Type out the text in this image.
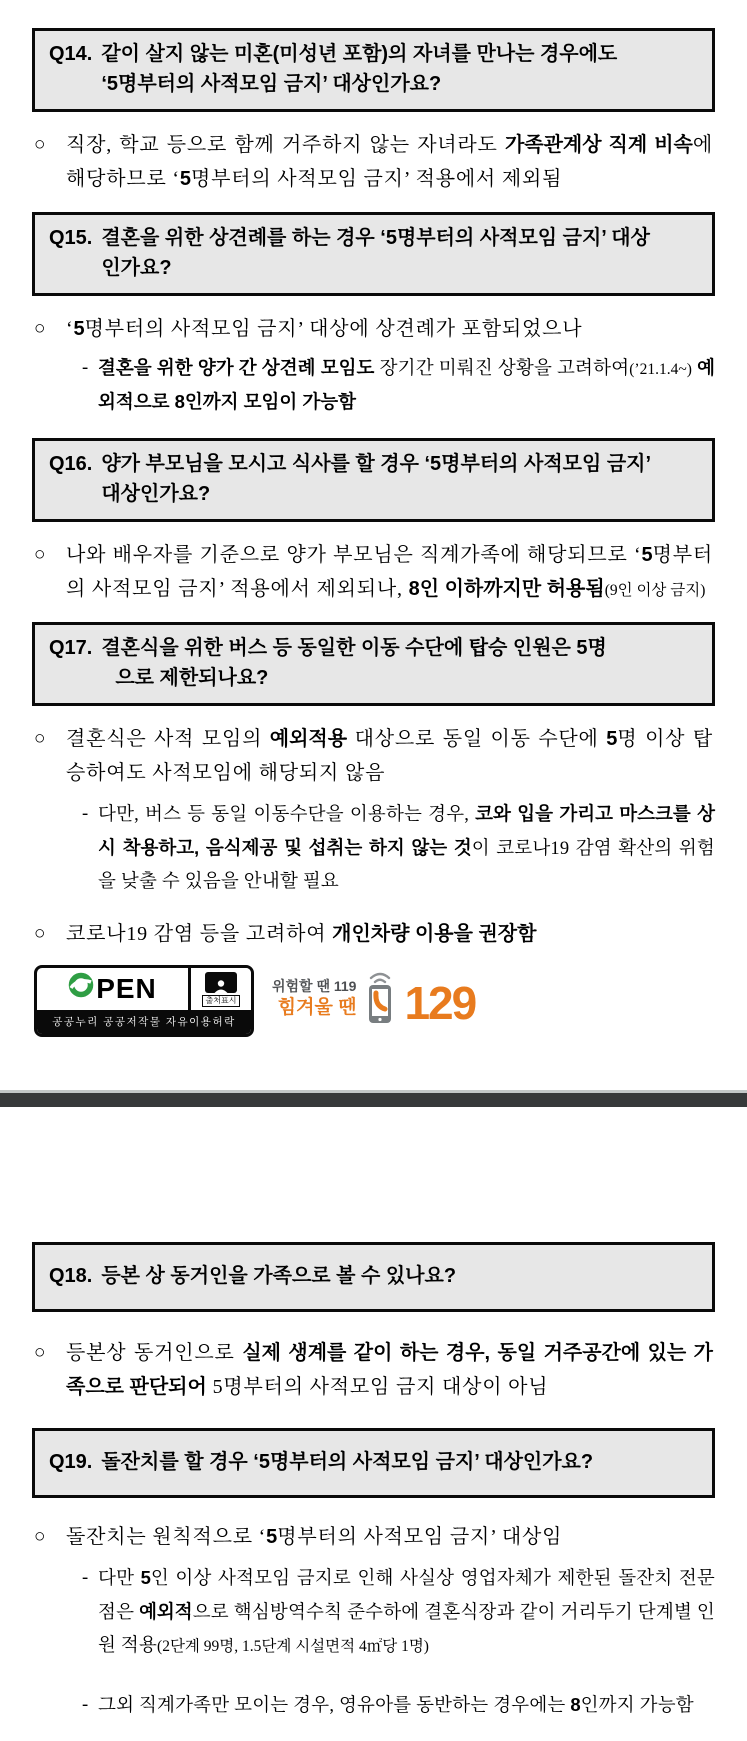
Q14. 같이 살지 않는 미혼(미성년 포함)의 자녀를 만나는 경우에도
‘5명부터의 사적모임 금지’ 대상인가요?
○ 직장, 학교 등으로 함께 거주하지 않는 자녀라도 가족관계상 직계 비속에 해당하므로 ‘5명부터의 사적모임 금지’ 적용에서 제외됨
Q15. 결혼을 위한 상견례를 하는 경우 ‘5명부터의 사적모임 금지’ 대상
인가요?
○ ‘5명부터의 사적모임 금지’ 대상에 상견례가 포함되었으나
- 결혼을 위한 양가 간 상견례 모임도 장기간 미뤄진 상황을 고려하여(’21.1.4~) 예외적으로 8인까지 모임이 가능함
Q16. 양가 부모님을 모시고 식사를 할 경우 ‘5명부터의 사적모임 금지’
대상인가요?
○ 나와 배우자를 기준으로 양가 부모님은 직계가족에 해당되므로 ‘5명부터의 사적모임 금지’ 적용에서 제외되나, 8인 이하까지만 허용됨(9인 이상 금지)
Q17. 결혼식을 위한 버스 등 동일한 이동 수단에 탑승 인원은 5명
으로 제한되나요?
○ 결혼식은 사적 모임의 예외적용 대상으로 동일 이동 수단에 5명 이상 탑승하여도 사적모임에 해당되지 않음
- 다만, 버스 등 동일 이동수단을 이용하는 경우, 코와 입을 가리고 마스크를 상시 착용하고, 음식제공 및 섭취는 하지 않는 것이 코로나19 감염 확산의 위험을 낮출 수 있음을 안내할 필요
○ 코로나19 감염 등을 고려하여 개인차량 이용을 권장함
PEN	출처표시
공공누리 공공저작물 자유이용허락
위험할 땐 119
힘겨울 땐 129
Q18. 등본 상 동거인을 가족으로 볼 수 있나요?
○ 등본상 동거인으로 실제 생계를 같이 하는 경우, 동일 거주공간에 있는 가족으로 판단되어 5명부터의 사적모임 금지 대상이 아님
Q19. 돌잔치를 할 경우 ‘5명부터의 사적모임 금지’ 대상인가요?
○ 돌잔치는 원칙적으로 ‘5명부터의 사적모임 금지’ 대상임
- 다만 5인 이상 사적모임 금지로 인해 사실상 영업자체가 제한된 돌잔치 전문점은 예외적으로 핵심방역수칙 준수하에 결혼식장과 같이 거리두기 단계별 인원 적용(2단계 99명, 1.5단계 시설면적 4㎡당 1명)
- 그외 직계가족만 모이는 경우, 영유아를 동반하는 경우에는 8인까지 가능함
